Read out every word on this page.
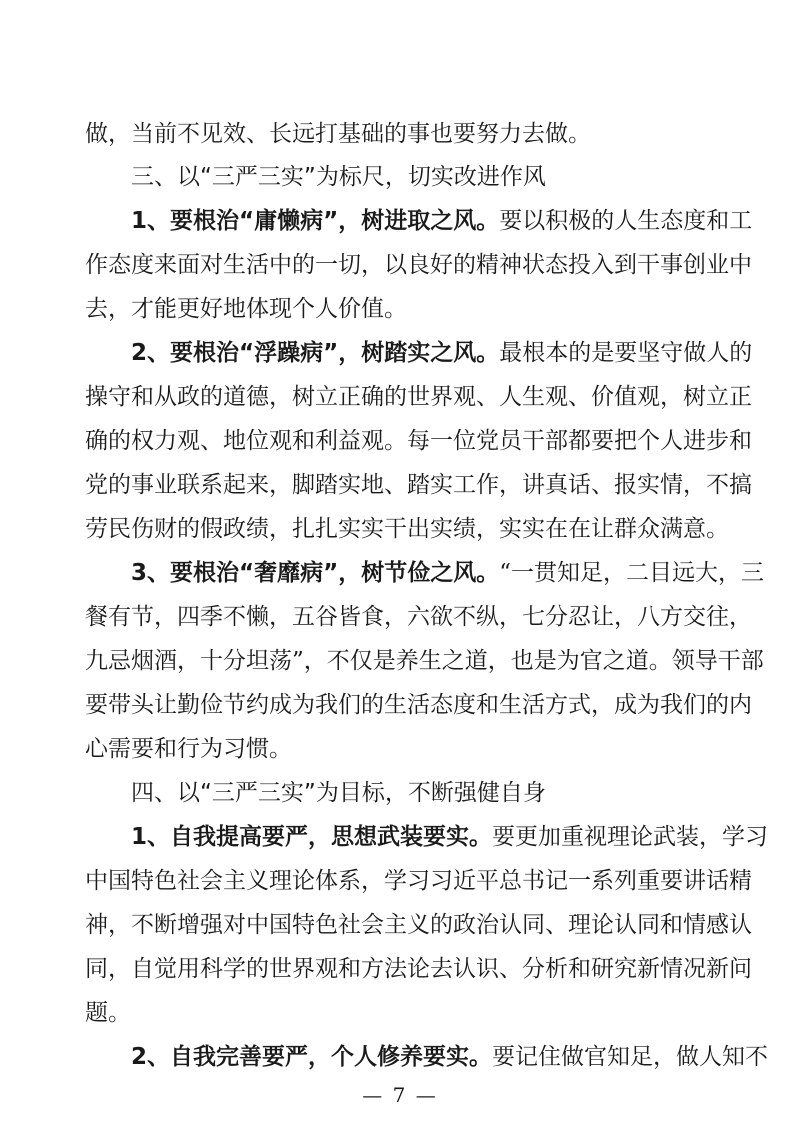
做，当前不见效、长远打基础的事也要努力去做。
三、以“三严三实”为标尺，切实改进作风
1、要根治“庸懒病”，树进取之风。要以积极的人生态度和工
作态度来面对生活中的一切，以良好的精神状态投入到干事创业中
去，才能更好地体现个人价值。
2、要根治“浮躁病”，树踏实之风。最根本的是要坚守做人的
操守和从政的道德，树立正确的世界观、人生观、价值观，树立正
确的权力观、地位观和利益观。每一位党员干部都要把个人进步和
党的事业联系起来，脚踏实地、踏实工作，讲真话、报实情，不搞
劳民伤财的假政绩，扎扎实实干出实绩，实实在在让群众满意。
3、要根治“奢靡病”，树节俭之风。“一贯知足，二目远大，三
餐有节，四季不懒，五谷皆食，六欲不纵，七分忍让，八方交往，
九忌烟酒，十分坦荡”，不仅是养生之道，也是为官之道。领导干部
要带头让勤俭节约成为我们的生活态度和生活方式，成为我们的内
心需要和行为习惯。
四、以“三严三实”为目标，不断强健自身
1、自我提高要严，思想武装要实。要更加重视理论武装，学习
中国特色社会主义理论体系，学习习近平总书记一系列重要讲话精
神，不断增强对中国特色社会主义的政治认同、理论认同和情感认
同，自觉用科学的世界观和方法论去认识、分析和研究新情况新问
题。
2、自我完善要严，个人修养要实。要记住做官知足，做人知不
— 7 —
